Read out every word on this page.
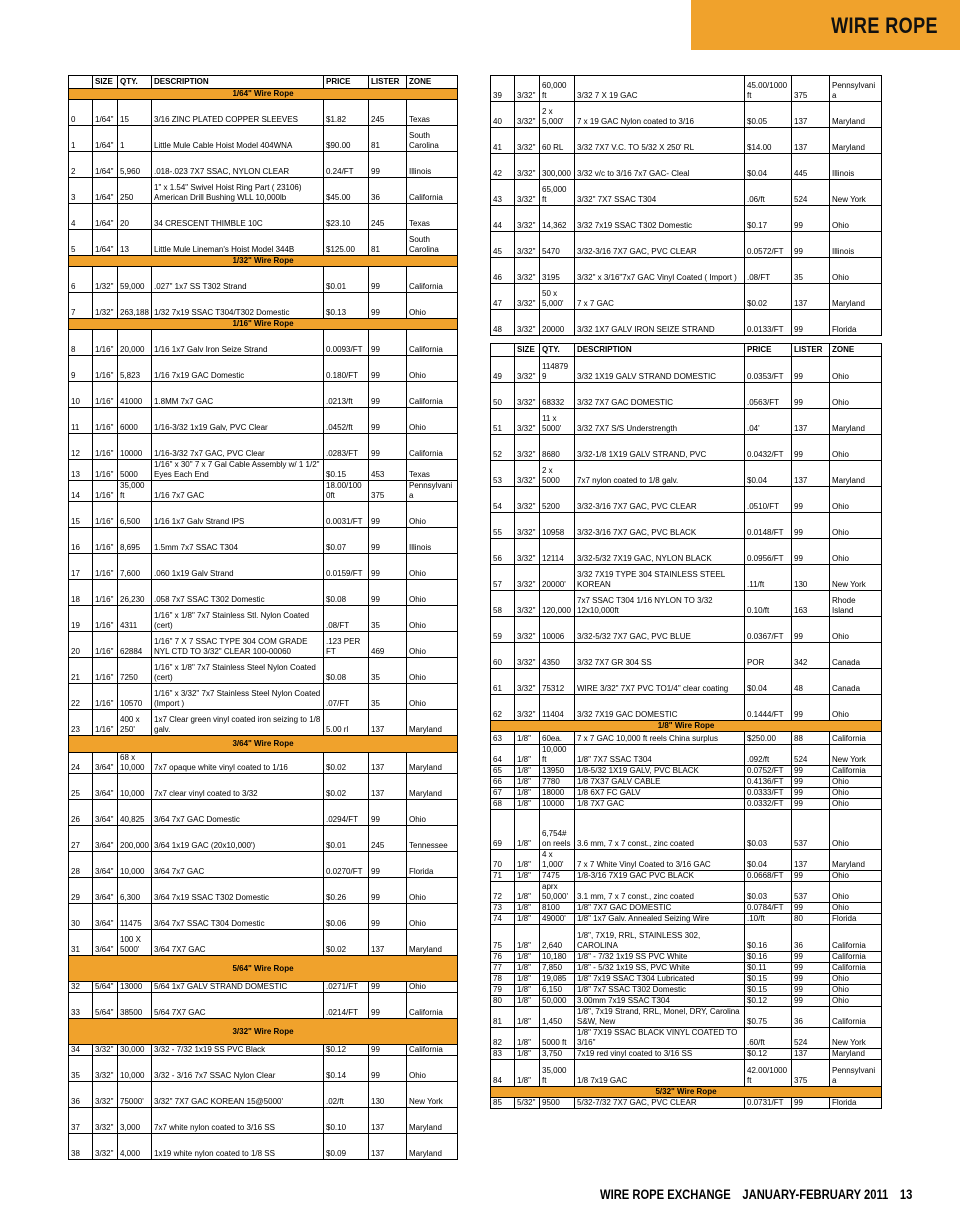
WIRE ROPE
	SIZE	QTY.	DESCRIPTION	PRICE	LISTER	ZONE
1/64" Wire Rope						
0	1/64"	15	3/16 ZINC PLATED COPPER SLEEVES	$1.82	245	Texas
1	1/64"	1	Little Mule Cable Hoist Model 404WNA	$90.00	81	South Carolina
2	1/64"	5,960	.018-.023 7X7 SSAC, NYLON CLEAR	0.24/FT	99	Illinois
3	1/64"	250	1" x 1.54" Swivel Hoist Ring Part ( 23106) American Drill Bushing WLL 10,000lb	$45.00	36	California
4	1/64"	20	34 CRESCENT THIMBLE 10C	$23.10	245	Texas
5	1/64"	13	Little Mule Lineman's Hoist Model 344B	$125.00	81	South Carolina
1/32" Wire Rope						
6	1/32"	59,000	.027" 1x7 SS T302 Strand	$0.01	99	California
7	1/32"	263,188	1/32 7x19 SSAC T304/T302 Domestic	$0.13	99	Ohio
1/16" Wire Rope						
8	1/16"	20,000	1/16 1x7 Galv Iron Seize Strand	0.0093/FT	99	California
9	1/16"	5,823	1/16 7x19 GAC Domestic	0.180/FT	99	Ohio
10	1/16"	41000	1.8MM 7x7 GAC	.0213/ft	99	California
11	1/16"	6000	1/16-3/32 1x19 Galv, PVC Clear	.0452/ft	99	Ohio
12	1/16"	10000	1/16-3/32 7x7 GAC, PVC Clear	.0283/FT	99	California
13	1/16"	5000	1/16" x 30" 7 x 7 Gal Cable Assembly w/ 1 1/2" Eyes Each End	$0.15	453	Texas
14	1/16"	35,000 ft	1/16 7x7 GAC	18.00/1000ft	375	Pennsylvania
15	1/16"	6,500	1/16 1x7 Galv Strand IPS	0.0031/FT	99	Ohio
16	1/16"	8,695	1.5mm 7x7 SSAC T304	$0.07	99	Illinois
17	1/16"	7,600	.060 1x19 Galv Strand	0.0159/FT	99	Ohio
18	1/16"	26,230	.058 7x7 SSAC T302 Domestic	$0.08	99	Ohio
19	1/16"	4311	1/16" x 1/8" 7x7 Stainless Stl. Nylon Coated (cert)	.08/FT	35	Ohio
20	1/16"	62884	1/16" 7 X 7 SSAC TYPE 304 COM GRADE NYL CTD TO 3/32" CLEAR 100-00060	.123 PER FT	469	Ohio
21	1/16"	7250	1/16" x 1/8" 7x7 Stainless Steel Nylon Coated (cert)	$0.08	35	Ohio
22	1/16"	10570	1/16" x 3/32" 7x7 Stainless Steel Nylon Coated (Import )	.07/FT	35	Ohio
23	1/16"	400 x 250'	1x7 Clear green vinyl coated iron seizing to 1/8 galv.	5.00 rl	137	Maryland
3/64" Wire Rope						
24	3/64"	68 x 10,000	7x7 opaque white vinyl coated to 1/16	$0.02	137	Maryland
25	3/64"	10,000	7x7 clear vinyl coated to 3/32	$0.02	137	Maryland
26	3/64"	40,825	3/64 7x7 GAC Domestic	.0294/FT	99	Ohio
27	3/64"	200,000	3/64 1x19 GAC (20x10,000')	$0.01	245	Tennessee
28	3/64"	10,000	3/64 7x7 GAC	0.0270/FT	99	Florida
29	3/64"	6,300	3/64 7x19 SSAC T302 Domestic	$0.26	99	Ohio
30	3/64"	11475	3/64 7x7 SSAC T304 Domestic	$0.06	99	Ohio
31	3/64"	100 X 5000'	3/64 7X7 GAC	$0.02	137	Maryland
5/64" Wire Rope						
32	5/64"	13000	5/64 1x7 GALV STRAND DOMESTIC	.0271/FT	99	Ohio
33	5/64"	38500	5/64 7X7 GAC	.0214/FT	99	California
3/32" Wire Rope						
34	3/32"	30,000	3/32 - 7/32 1x19 SS PVC Black	$0.12	99	California
35	3/32"	10,000	3/32 - 3/16 7x7 SSAC Nylon Clear	$0.14	99	Ohio
36	3/32"	75000'	3/32" 7X7 GAC KOREAN 15@5000'	.02/ft	130	New York
37	3/32"	3,000	7x7 white nylon coated to 3/16 SS	$0.10	137	Maryland
38	3/32"	4,000	1x19 white nylon coated to 1/8 SS	$0.09	137	Maryland
39	3/32"	60,000 ft	3/32 7 X 19 GAC	45.00/1000ft	375	Pennsylvania
40	3/32"	2 x 5,000'	7 x 19 GAC Nylon coated to 3/16	$0.05	137	Maryland
41	3/32"	60 RL	3/32 7X7 V.C. TO 5/32 X 250' RL	$14.00	137	Maryland
42	3/32"	300,000	3/32 v/c to 3/16 7x7 GAC- Cleal	$0.04	445	Illinois
43	3/32"	65,000 ft	3/32" 7X7 SSAC T304	.06/ft	524	New York
44	3/32"	14,362	3/32 7x19 SSAC T302 Domestic	$0.17	99	Ohio
45	3/32"	5470	3/32-3/16 7X7 GAC, PVC CLEAR	0.0572/FT	99	Illinois
46	3/32"	3195	3/32" x 3/16"7x7 GAC Vinyl Coated ( Import )	.08/FT	35	Ohio
47	3/32"	50 x 5,000'	7 x 7 GAC	$0.02	137	Maryland
48	3/32"	20000	3/32 1X7 GALV IRON SEIZE STRAND	0.0133/FT	99	Florida
	SIZE	QTY.	DESCRIPTION	PRICE	LISTER	ZONE
49	3/32"	1148799	3/32 1X19 GALV STRAND DOMESTIC	0.0353/FT	99	Ohio
50	3/32"	68332	3/32 7X7 GAC DOMESTIC	.0563/FT	99	Ohio
51	3/32"	11 x 5000'	3/32 7X7 S/S Understrength	.04'	137	Maryland
52	3/32"	8680	3/32-1/8 1X19 GALV STRAND, PVC	0.0432/FT	99	Ohio
53	3/32"	2 x 5000	7x7 nylon coated to 1/8 galv.	$0.04	137	Maryland
54	3/32"	5200	3/32-3/16 7X7 GAC, PVC CLEAR	.0510/FT	99	Ohio
55	3/32"	10958	3/32-3/16 7X7 GAC, PVC BLACK	0.0148/FT	99	Ohio
56	3/32"	12114	3/32-5/32 7X19 GAC, NYLON BLACK	0.0956/FT	99	Ohio
57	3/32"	20000'	3/32 7X19 TYPE 304 STAINLESS STEEL KOREAN	.11/ft	130	New York
58	3/32"	120,000	7x7 SSAC T304 1/16 NYLON TO 3/32 12x10,000ft	0.10/ft	163	Rhode Island
59	3/32"	10006	3/32-5/32 7X7 GAC, PVC BLUE	0.0367/FT	99	Ohio
60	3/32"	4350	3/32 7X7 GR 304 SS	POR	342	Canada
61	3/32"	75312	WIRE 3/32" 7X7 PVC TO1/4" clear coating	$0.04	48	Canada
62	3/32"	11404	3/32 7X19 GAC DOMESTIC	0.1444/FT	99	Ohio
1/8" Wire Rope						
63	1/8"	60ea.	7 x 7 GAC 10,000 ft reels China surplus	$250.00	88	California
64	1/8"	10,000 ft	1/8" 7X7 SSAC T304	.092/ft	524	New York
65	1/8"	13950	1/8-5/32 1X19 GALV, PVC BLACK	0.0752/FT	99	California
66	1/8"	7780	1/8 7X37 GALV CABLE	0.4136/FT	99	Ohio
67	1/8"	18000	1/8 6X7 FC GALV	0.0333/FT	99	Ohio
68	1/8"	10000	1/8 7X7 GAC	0.0332/FT	99	Ohio
69	1/8"	6,754# on reels	3.6 mm, 7 x 7 const., zinc coated	$0.03	537	Ohio
70	1/8"	4 x 1,000'	7 x 7 White Vinyl Coated to 3/16 GAC	$0.04	137	Maryland
71	1/8"	7475	1/8-3/16 7X19 GAC PVC BLACK	0.0668/FT	99	Ohio
72	1/8"	aprx 50,000'	3.1 mm, 7 x 7 const., zinc coated	$0.03	537	Ohio
73	1/8"	8100	1/8" 7X7 GAC DOMESTIC	0.0784/FT	99	Ohio
74	1/8"	49000'	1/8" 1x7 Galv. Annealed Seizing Wire	.10/ft	80	Florida
75	1/8"	2,640	1/8", 7X19, RRL, STAINLESS 302, CAROLINA	$0.16	36	California
76	1/8"	10,180	1/8" - 7/32 1x19 SS PVC White	$0.16	99	California
77	1/8"	7,850	1/8" - 5/32 1x19 SS, PVC White	$0.11	99	California
78	1/8"	19,085	1/8" 7x19 SSAC T304 Lubricated	$0.15	99	Ohio
79	1/8"	6,150	1/8" 7x7 SSAC T302 Domestic	$0.15	99	Ohio
80	1/8"	50,000	3.00mm 7x19 SSAC T304	$0.12	99	Ohio
81	1/8"	1,450	1/8", 7x19 Strand, RRL, Monel, DRY, Carolina S&W, New	$0.75	36	California
82	1/8"	5000 ft	1/8" 7X19 SSAC BLACK VINYL COATED TO 3/16"	.60/ft	524	New York
83	1/8"	3,750	7x19 red vinyl coated to 3/16 SS	$0.12	137	Maryland
84	1/8"	35,000 ft	1/8 7x19 GAC	42.00/1000ft	375	Pennsylvania
5/32" Wire Rope						
85	5/32"	9500	5/32-7/32 7X7 GAC, PVC CLEAR	0.0731/FT	99	Florida
WIRE ROPE EXCHANGE JANUARY-FEBRUARY 2011 13
